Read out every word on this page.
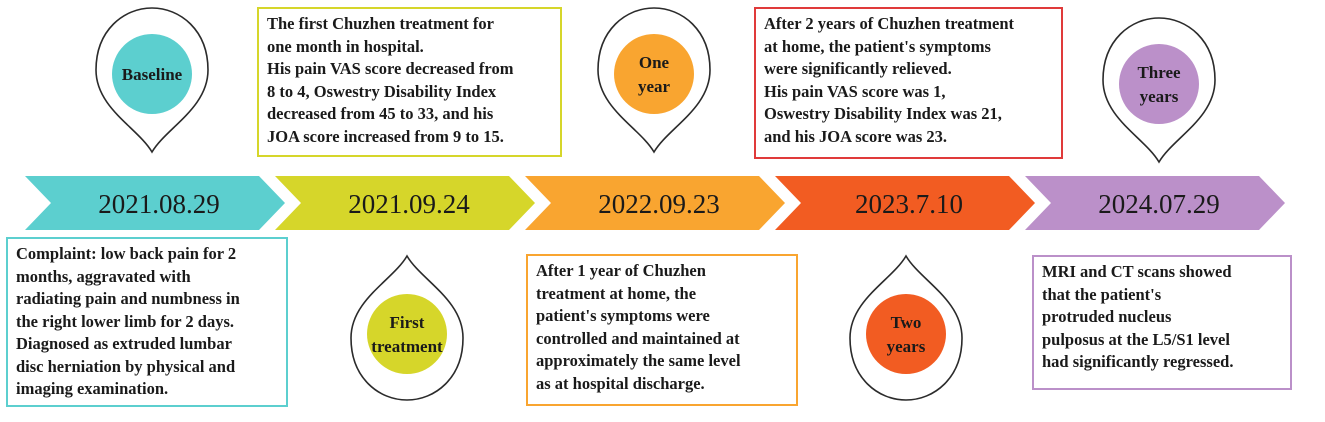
2021.08.29	2021.09.24	2022.09.23	2023.7.10	2024.07.29
Baseline
First
treatment
One
year
Two
years
Three
years
Complaint: low back pain for 2
months, aggravated with
radiating pain and numbness in
the right lower limb for 2 days.
Diagnosed as extruded lumbar
disc herniation by physical and
imaging examination.
The first Chuzhen treatment for
one month in hospital.
His pain VAS score decreased from
8 to 4, Oswestry Disability Index
decreased from 45 to 33, and his
JOA score increased from 9 to 15.
After 1 year of Chuzhen
treatment at home, the
patient's symptoms were
controlled and maintained at
approximately the same level
as at hospital discharge.
After 2 years of Chuzhen treatment
at home, the patient's symptoms
were significantly relieved.
His pain VAS score was 1,
Oswestry Disability Index was 21,
and his JOA score was 23.
MRI and CT scans showed
that the patient's
protruded nucleus
pulposus at the L5/S1 level
had significantly regressed.
